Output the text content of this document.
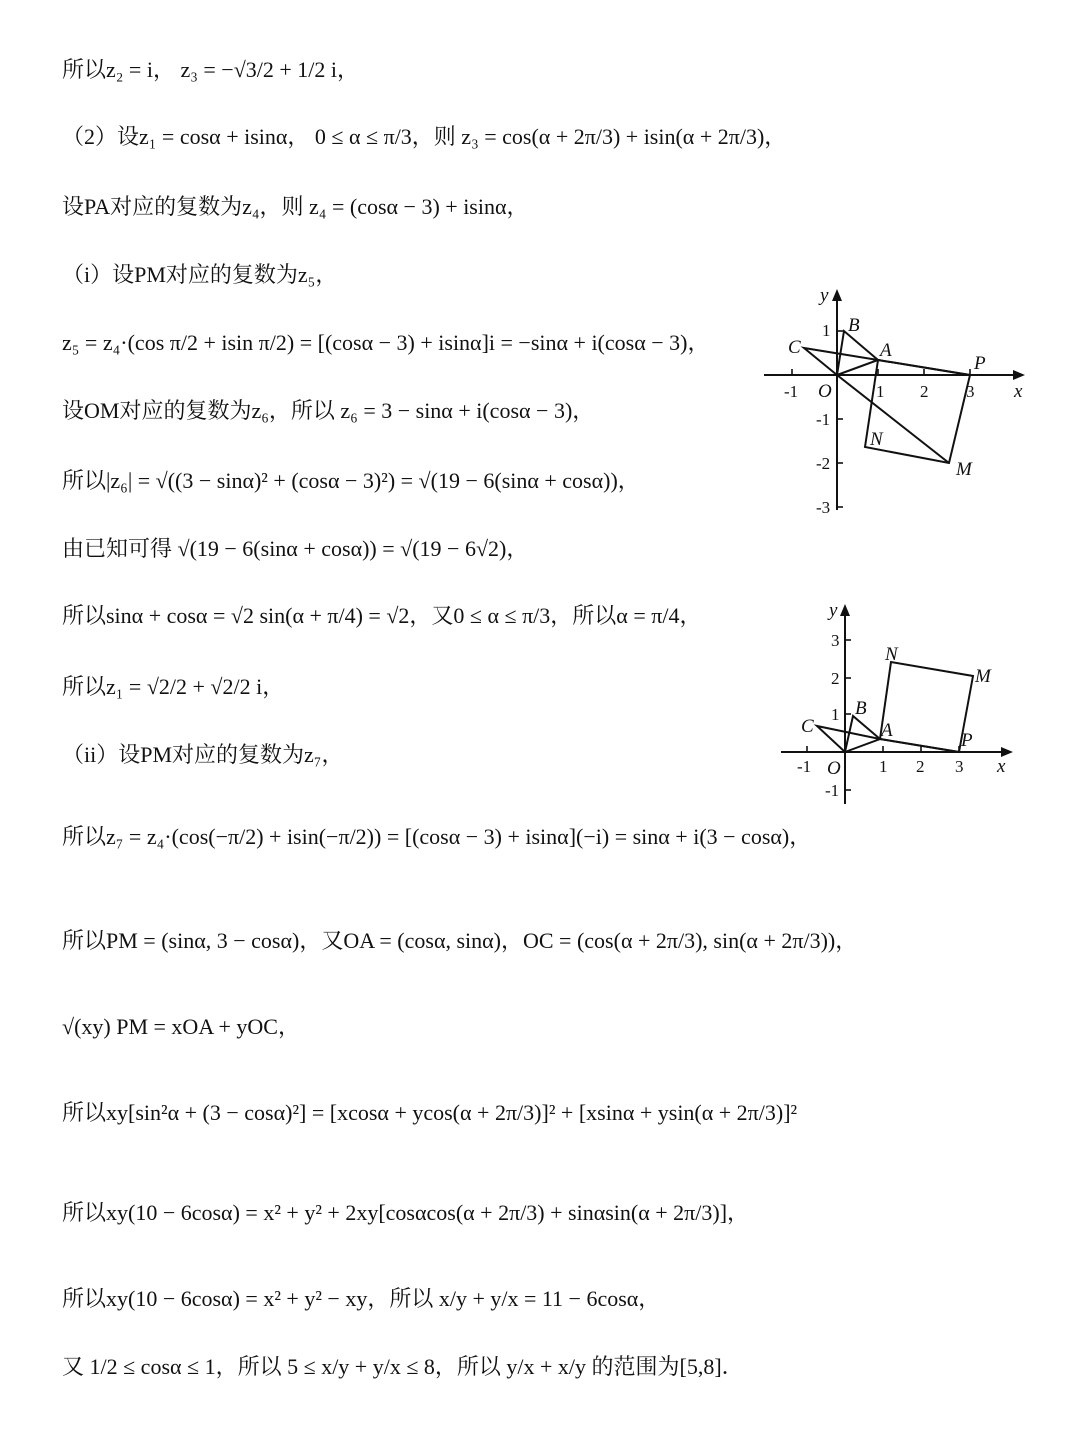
所以z₂ = i， z₃ = −√3/2 + 1/2 i，
（2）设z₁ = cosα + isinα， 0 ≤ α ≤ π/3，则 z₃ = cos(α + 2π/3) + isin(α + 2π/3)，
设PA对应的复数为z₄，则 z₄ = (cosα − 3) + isinα，
（i）设PM对应的复数为z₅，
z₅ = z₄·(cos π/2 + isin π/2) = [(cosα − 3) + isinα]i = −sinα + i(cosα − 3)，
设OM对应的复数为z₆，所以 z₆ = 3 − sinα + i(cosα − 3)，
所以|z₆| = √((3 − sinα)² + (cosα − 3)²) = √(19 − 6(sinα + cosα))，
由已知可得 √(19 − 6(sinα + cosα)) = √(19 − 6√2)，
所以sinα + cosα = √2 sin(α + π/4) = √2，又0 ≤ α ≤ π/3，所以α = π/4，
所以z₁ = √2/2 + √2/2 i，
（ii）设PM对应的复数为z₇，
所以z₇ = z₄·(cos(−π/2) + isin(−π/2)) = [(cosα − 3) + isinα](−i) = sinα + i(3 − cosα)，
所以PM = (sinα, 3 − cosα)，又OA = (cosα, sinα)，OC = (cos(α + 2π/3), sin(α + 2π/3))，
√(xy) PM = xOA + yOC，
所以xy[sin²α + (3 − cosα)²] = [xcosα + ycos(α + 2π/3)]² + [xsinα + ysin(α + 2π/3)]²
所以xy(10 − 6cosα) = x² + y² + 2xy[cosαcos(α + 2π/3) + sinαsin(α + 2π/3)]，
所以xy(10 − 6cosα) = x² + y² − xy，所以 x/y + y/x = 11 − 6cosα，
又 1/2 ≤ cosα ≤ 1，所以 5 ≤ x/y + y/x ≤ 8，所以 y/x + x/y 的范围为[5,8]．
y
x
O
A
B
C
P
M
N
-1	1 2 3
1
-1
-2
-3
y
x
O
A
B
C
P
M
N
-1	1 2 3
3
2
1
-1
